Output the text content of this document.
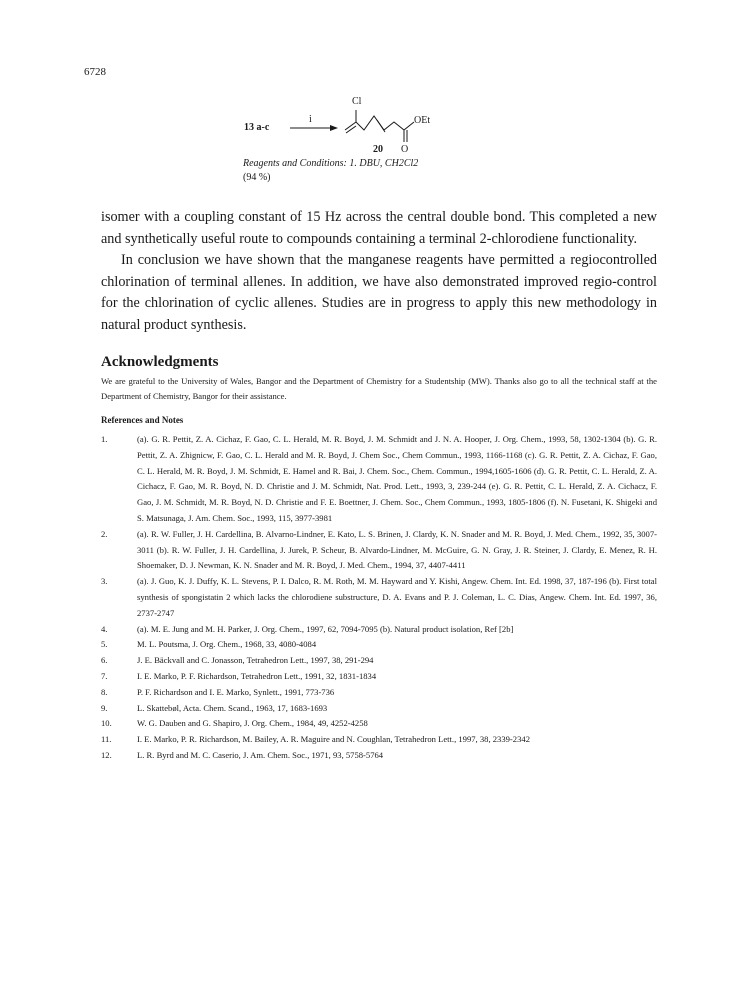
6728
13 a-c
i
Cl
OEt
O
20
Reagents and Conditions: 1. DBU, CH2Cl2
(94 %)
isomer with a coupling constant of 15 Hz across the central double bond. This completed a new and synthetically useful route to compounds containing a terminal 2-chlorodiene functionality.
In conclusion we have shown that the manganese reagents have permitted a regiocontrolled chlorination of terminal allenes. In addition, we have also demonstrated improved regio-control for the chlorination of cyclic allenes. Studies are in progress to apply this new methodology in natural product synthesis.
Acknowledgments
We are grateful to the University of Wales, Bangor and the Department of Chemistry for a Studentship (MW). Thanks also go to all the technical staff at the Department of Chemistry, Bangor for their assistance.
References and Notes
1.	(a). G. R. Pettit, Z. A. Cichaz, F. Gao, C. L. Herald, M. R. Boyd, J. M. Schmidt and J. N. A. Hooper, J. Org. Chem., 1993, 58, 1302-1304 (b). G. R. Pettit, Z. A. Zhignicw, F. Gao, C. L. Herald and M. R. Boyd, J. Chem Soc., Chem Commun., 1993, 1166-1168 (c). G. R. Pettit, Z. A. Cichaz, F. Gao, C. L. Herald, M. R. Boyd, J. M. Schmidt, E. Hamel and R. Bai, J. Chem. Soc., Chem. Commun., 1994,1605-1606 (d). G. R. Pettit, C. L. Herald, Z. A. Cichacz, F. Gao, M. R. Boyd, N. D. Christie and J. M. Schmidt, Nat. Prod. Lett., 1993, 3, 239-244 (e). G. R. Pettit, C. L. Herald, Z. A. Cichacz, F. Gao, J. M. Schmidt, M. R. Boyd, N. D. Christie and F. E. Boettner, J. Chem. Soc., Chem Commun., 1993, 1805-1806 (f). N. Fusetani, K. Shigeki and S. Matsunaga, J. Am. Chem. Soc., 1993, 115, 3977-3981
2.	(a). R. W. Fuller, J. H. Cardellina, B. Alvarno-Lindner, E. Kato, L. S. Brinen, J. Clardy, K. N. Snader and M. R. Boyd, J. Med. Chem., 1992, 35, 3007-3011 (b). R. W. Fuller, J. H. Cardellina, J. Jurek, P. Scheur, B. Alvardo-Lindner, M. McGuire, G. N. Gray, J. R. Steiner, J. Clardy, E. Menez, R. H. Shoemaker, D. J. Newman, K. N. Snader and M. R. Boyd, J. Med. Chem., 1994, 37, 4407-4411
3.	(a). J. Guo, K. J. Duffy, K. L. Stevens, P. I. Dalco, R. M. Roth, M. M. Hayward and Y. Kishi, Angew. Chem. Int. Ed. 1998, 37, 187-196 (b). First total synthesis of spongistatin 2 which lacks the chlorodiene substructure, D. A. Evans and P. J. Coleman, L. C. Dias, Angew. Chem. Int. Ed. 1997, 36, 2737-2747
4.	(a). M. E. Jung and M. H. Parker, J. Org. Chem., 1997, 62, 7094-7095 (b). Natural product isolation, Ref [2b]
5.	M. L. Poutsma, J. Org. Chem., 1968, 33, 4080-4084
6.	J. E. Bäckvall and C. Jonasson, Tetrahedron Lett., 1997, 38, 291-294
7.	I. E. Marko, P. F. Richardson, Tetrahedron Lett., 1991, 32, 1831-1834
8.	P. F. Richardson and I. E. Marko, Synlett., 1991, 773-736
9.	L. Skattebøl, Acta. Chem. Scand., 1963, 17, 1683-1693
10.	W. G. Dauben and G. Shapiro, J. Org. Chem., 1984, 49, 4252-4258
11.	I. E. Marko, P. R. Richardson, M. Bailey, A. R. Maguire and N. Coughlan, Tetrahedron Lett., 1997, 38, 2339-2342
12.	L. R. Byrd and M. C. Caserio, J. Am. Chem. Soc., 1971, 93, 5758-5764
